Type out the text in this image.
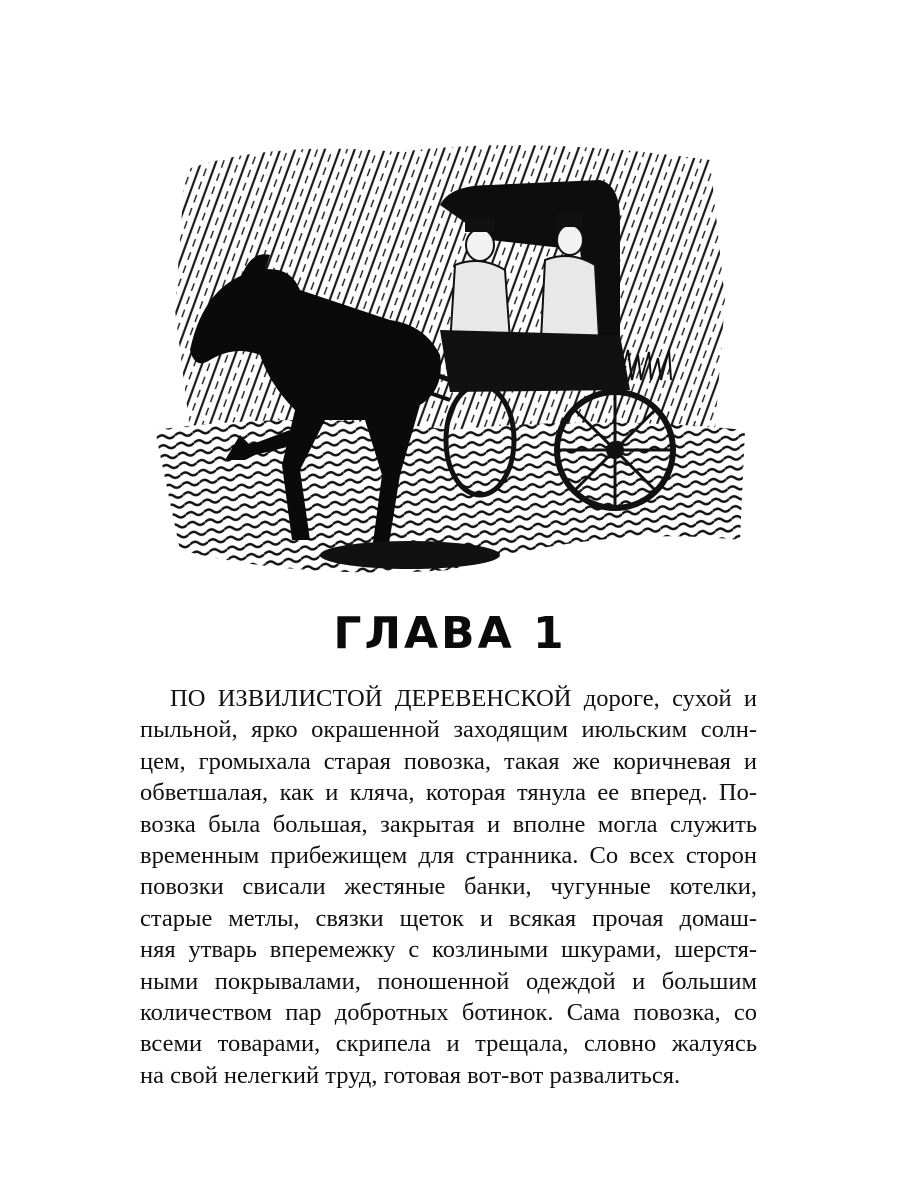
ГЛАВА 1

ПО ИЗВИЛИСТОЙ ДЕРЕВЕНСКОЙ дороге, сухой и
пыльной, ярко окрашенной заходящим июльским солн-
цем, громыхала старая повозка, такая же коричневая и
обветшалая, как и кляча, которая тянула ее вперед. По-
возка была большая, закрытая и вполне могла служить
временным прибежищем для странника. Со всех сторон
повозки свисали жестяные банки, чугунные котелки,
старые метлы, связки щеток и всякая прочая домаш-
няя утварь вперемежку с козлиными шкурами, шерстя-
ными покрывалами, поношенной одеждой и большим
количеством пар добротных ботинок. Сама повозка, со
всеми товарами, скрипела и трещала, словно жалуясь
на свой нелегкий труд, готовая вот-вот развалиться.
